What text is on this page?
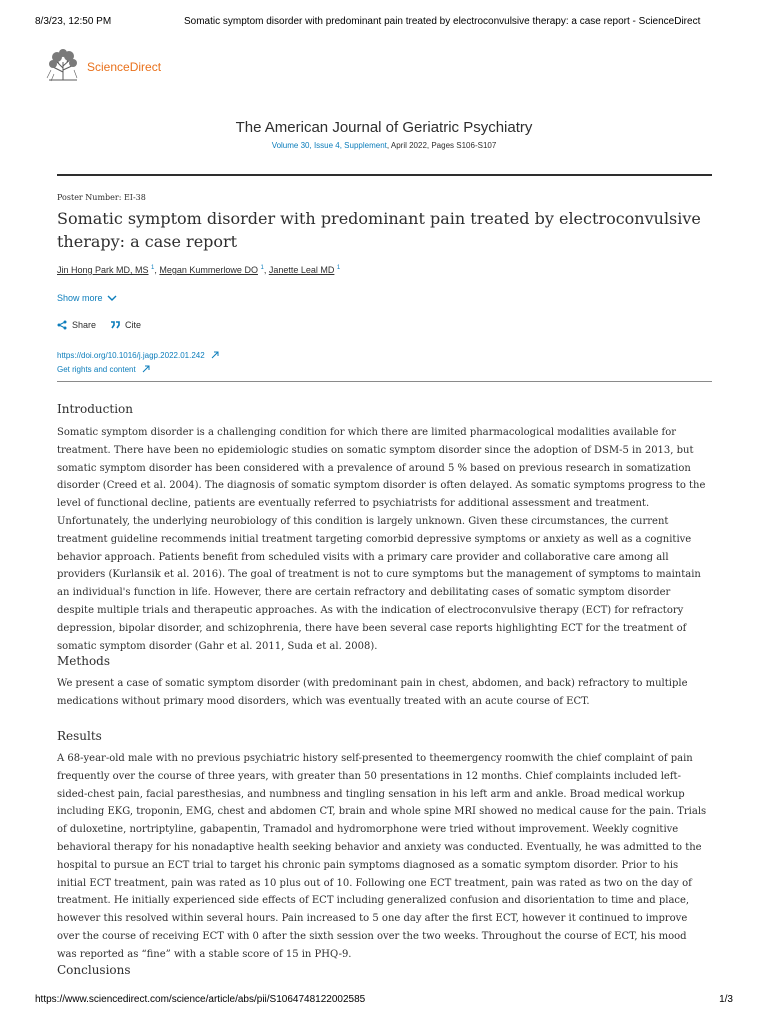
8/3/23, 12:50 PM	Somatic symptom disorder with predominant pain treated by electroconvulsive therapy: a case report - ScienceDirect
ScienceDirect
The American Journal of Geriatric Psychiatry
Volume 30, Issue 4, Supplement, April 2022, Pages S106-S107
Poster Number: EI-38
Somatic symptom disorder with predominant pain treated by electroconvulsive therapy: a case report
Jin Hong Park MD, MS $^1$, Megan Kummerlowe DO $^1$, Janette Leal MD $^1$
Show more
Share	Cite
https://doi.org/10.1016/j.jagp.2022.01.242
Get rights and content
Introduction

Somatic symptom disorder is a challenging condition for which there are limited pharmacological modalities available for treatment. There have been no epidemiologic studies on somatic symptom disorder since the adoption of DSM-5 in 2013, but somatic symptom disorder has been considered with a prevalence of around 5 % based on previous research in somatization disorder (Creed et al. 2004). The diagnosis of somatic symptom disorder is often delayed. As somatic symptoms progress to the level of functional decline, patients are eventually referred to psychiatrists for additional assessment and treatment. Unfortunately, the underlying neurobiology of this condition is largely unknown. Given these circumstances, the current treatment guideline recommends initial treatment targeting comorbid depressive symptoms or anxiety as well as a cognitive behavior approach. Patients benefit from scheduled visits with a primary care provider and collaborative care among all providers (Kurlansik et al. 2016). The goal of treatment is not to cure symptoms but the management of symptoms to maintain an individual's function in life. However, there are certain refractory and debilitating cases of somatic symptom disorder despite multiple trials and therapeutic approaches. As with the indication of electroconvulsive therapy (ECT) for refractory depression, bipolar disorder, and schizophrenia, there have been several case reports highlighting ECT for the treatment of somatic symptom disorder (Gahr et al. 2011, Suda et al. 2008).

Methods

We present a case of somatic symptom disorder (with predominant pain in chest, abdomen, and back) refractory to multiple medications without primary mood disorders, which was eventually treated with an acute course of ECT.

Results

A 68-year-old male with no previous psychiatric history self-presented to theemergency roomwith the chief complaint of pain frequently over the course of three years, with greater than 50 presentations in 12 months. Chief complaints included left-sided-chest pain, facial paresthesias, and numbness and tingling sensation in his left arm and ankle. Broad medical workup including EKG, troponin, EMG, chest and abdomen CT, brain and whole spine MRI showed no medical cause for the pain. Trials of duloxetine, nortriptyline, gabapentin, Tramadol and hydromorphone were tried without improvement. Weekly cognitive behavioral therapy for his nonadaptive health seeking behavior and anxiety was conducted. Eventually, he was admitted to the hospital to pursue an ECT trial to target his chronic pain symptoms diagnosed as a somatic symptom disorder. Prior to his initial ECT treatment, pain was rated as 10 plus out of 10. Following one ECT treatment, pain was rated as two on the day of treatment. He initially experienced side effects of ECT including generalized confusion and disorientation to time and place, however this resolved within several hours. Pain increased to 5 one day after the first ECT, however it continued to improve over the course of receiving ECT with 0 after the sixth session over the two weeks. Throughout the course of ECT, his mood was reported as “fine” with a stable score of 15 in PHQ-9.

Conclusions
https://www.sciencedirect.com/science/article/abs/pii/S1064748122002585	1/3
